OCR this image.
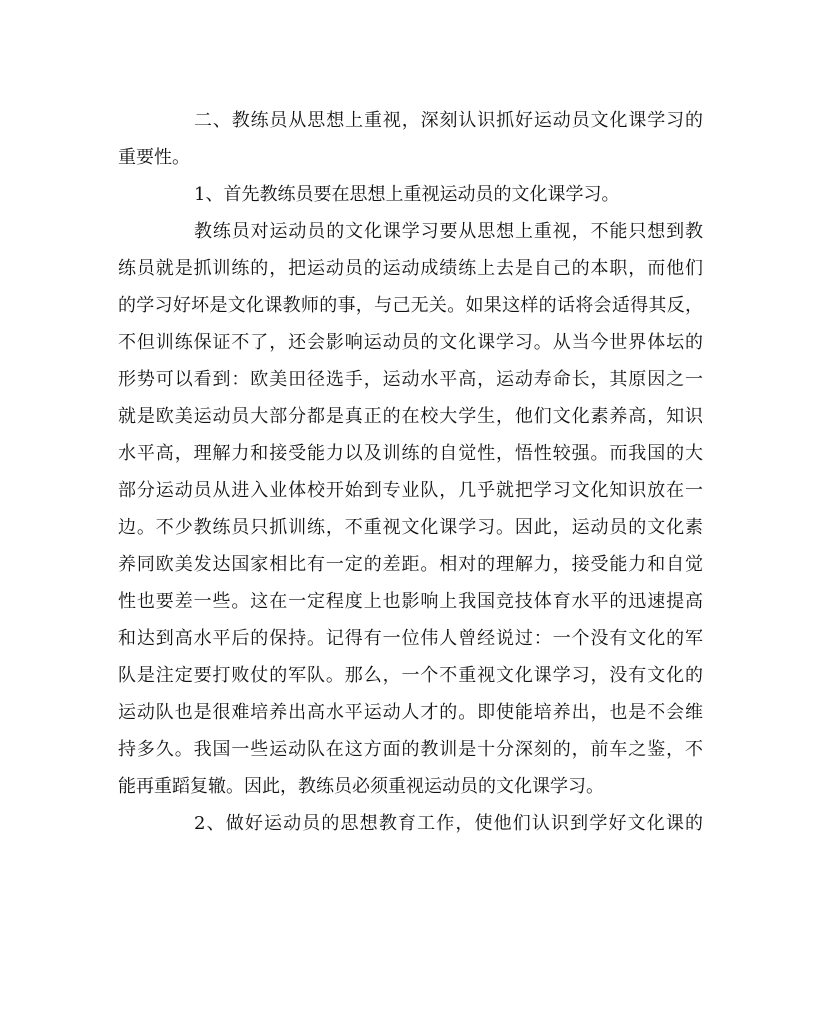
二、教练员从思想上重视，深刻认识抓好运动员文化课学习的
重要性。
1、首先教练员要在思想上重视运动员的文化课学习。
教练员对运动员的文化课学习要从思想上重视，不能只想到教
练员就是抓训练的，把运动员的运动成绩练上去是自己的本职，而他们
的学习好坏是文化课教师的事，与己无关。如果这样的话将会适得其反，
不但训练保证不了，还会影响运动员的文化课学习。从当今世界体坛的
形势可以看到：欧美田径选手，运动水平高，运动寿命长，其原因之一
就是欧美运动员大部分都是真正的在校大学生，他们文化素养高，知识
水平高，理解力和接受能力以及训练的自觉性，悟性较强。而我国的大
部分运动员从进入业体校开始到专业队，几乎就把学习文化知识放在一
边。不少教练员只抓训练，不重视文化课学习。因此，运动员的文化素
养同欧美发达国家相比有一定的差距。相对的理解力，接受能力和自觉
性也要差一些。这在一定程度上也影响上我国竞技体育水平的迅速提高
和达到高水平后的保持。记得有一位伟人曾经说过：一个没有文化的军
队是注定要打败仗的军队。那么，一个不重视文化课学习，没有文化的
运动队也是很难培养出高水平运动人才的。即使能培养出，也是不会维
持多久。我国一些运动队在这方面的教训是十分深刻的，前车之鉴，不
能再重蹈复辙。因此，教练员必须重视运动员的文化课学习。
2、做好运动员的思想教育工作，使他们认识到学好文化课的
